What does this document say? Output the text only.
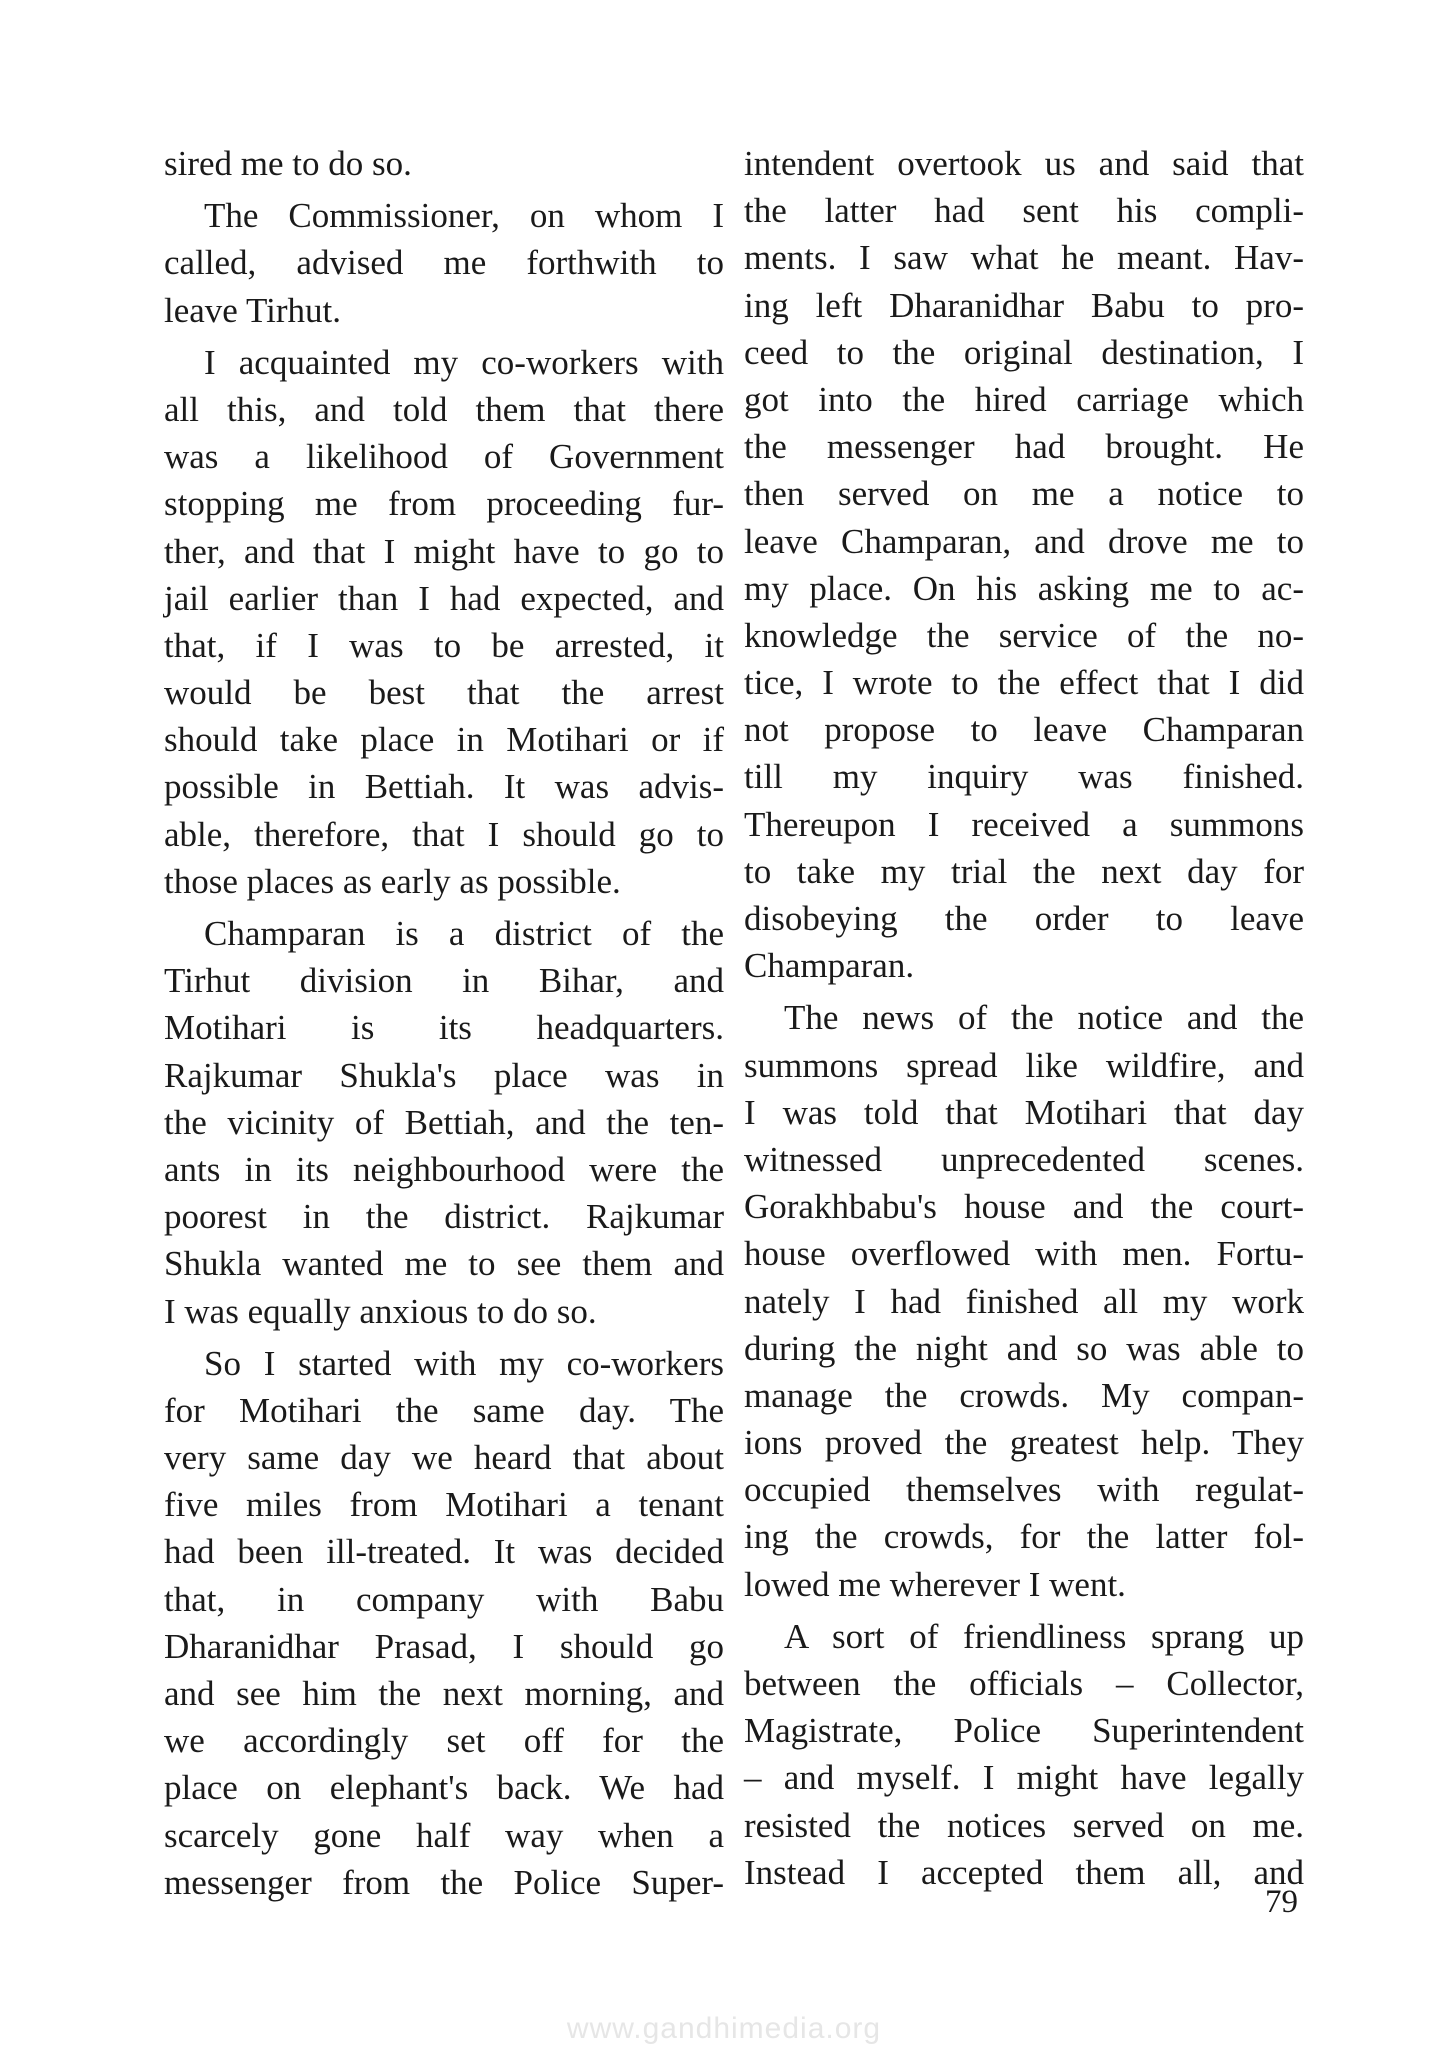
sired me to do so.
The Commissioner, on whom I
called, advised me forthwith to
leave Tirhut.
I acquainted my co-workers with
all this, and told them that there
was a likelihood of Government
stopping me from proceeding fur-
ther, and that I might have to go to
jail earlier than I had expected, and
that, if I was to be arrested, it
would be best that the arrest
should take place in Motihari or if
possible in Bettiah. It was advis-
able, therefore, that I should go to
those places as early as possible.
Champaran is a district of the
Tirhut division in Bihar, and
Motihari is its headquarters.
Rajkumar Shukla's place was in
the vicinity of Bettiah, and the ten-
ants in its neighbourhood were the
poorest in the district. Rajkumar
Shukla wanted me to see them and
I was equally anxious to do so.
So I started with my co-workers
for Motihari the same day. The
very same day we heard that about
five miles from Motihari a tenant
had been ill-treated. It was decided
that, in company with Babu
Dharanidhar Prasad, I should go
and see him the next morning, and
we accordingly set off for the
place on elephant's back. We had
scarcely gone half way when a
messenger from the Police Super-
intendent overtook us and said that
the latter had sent his compli-
ments. I saw what he meant. Hav-
ing left Dharanidhar Babu to pro-
ceed to the original destination, I
got into the hired carriage which
the messenger had brought. He
then served on me a notice to
leave Champaran, and drove me to
my place. On his asking me to ac-
knowledge the service of the no-
tice, I wrote to the effect that I did
not propose to leave Champaran
till my inquiry was finished.
Thereupon I received a summons
to take my trial the next day for
disobeying the order to leave
Champaran.
The news of the notice and the
summons spread like wildfire, and
I was told that Motihari that day
witnessed unprecedented scenes.
Gorakhbabu's house and the court-
house overflowed with men. Fortu-
nately I had finished all my work
during the night and so was able to
manage the crowds. My compan-
ions proved the greatest help. They
occupied themselves with regulat-
ing the crowds, for the latter fol-
lowed me wherever I went.
A sort of friendliness sprang up
between the officials – Collector,
Magistrate, Police Superintendent
– and myself. I might have legally
resisted the notices served on me.
Instead I accepted them all, and
79
www.gandhimedia.org
